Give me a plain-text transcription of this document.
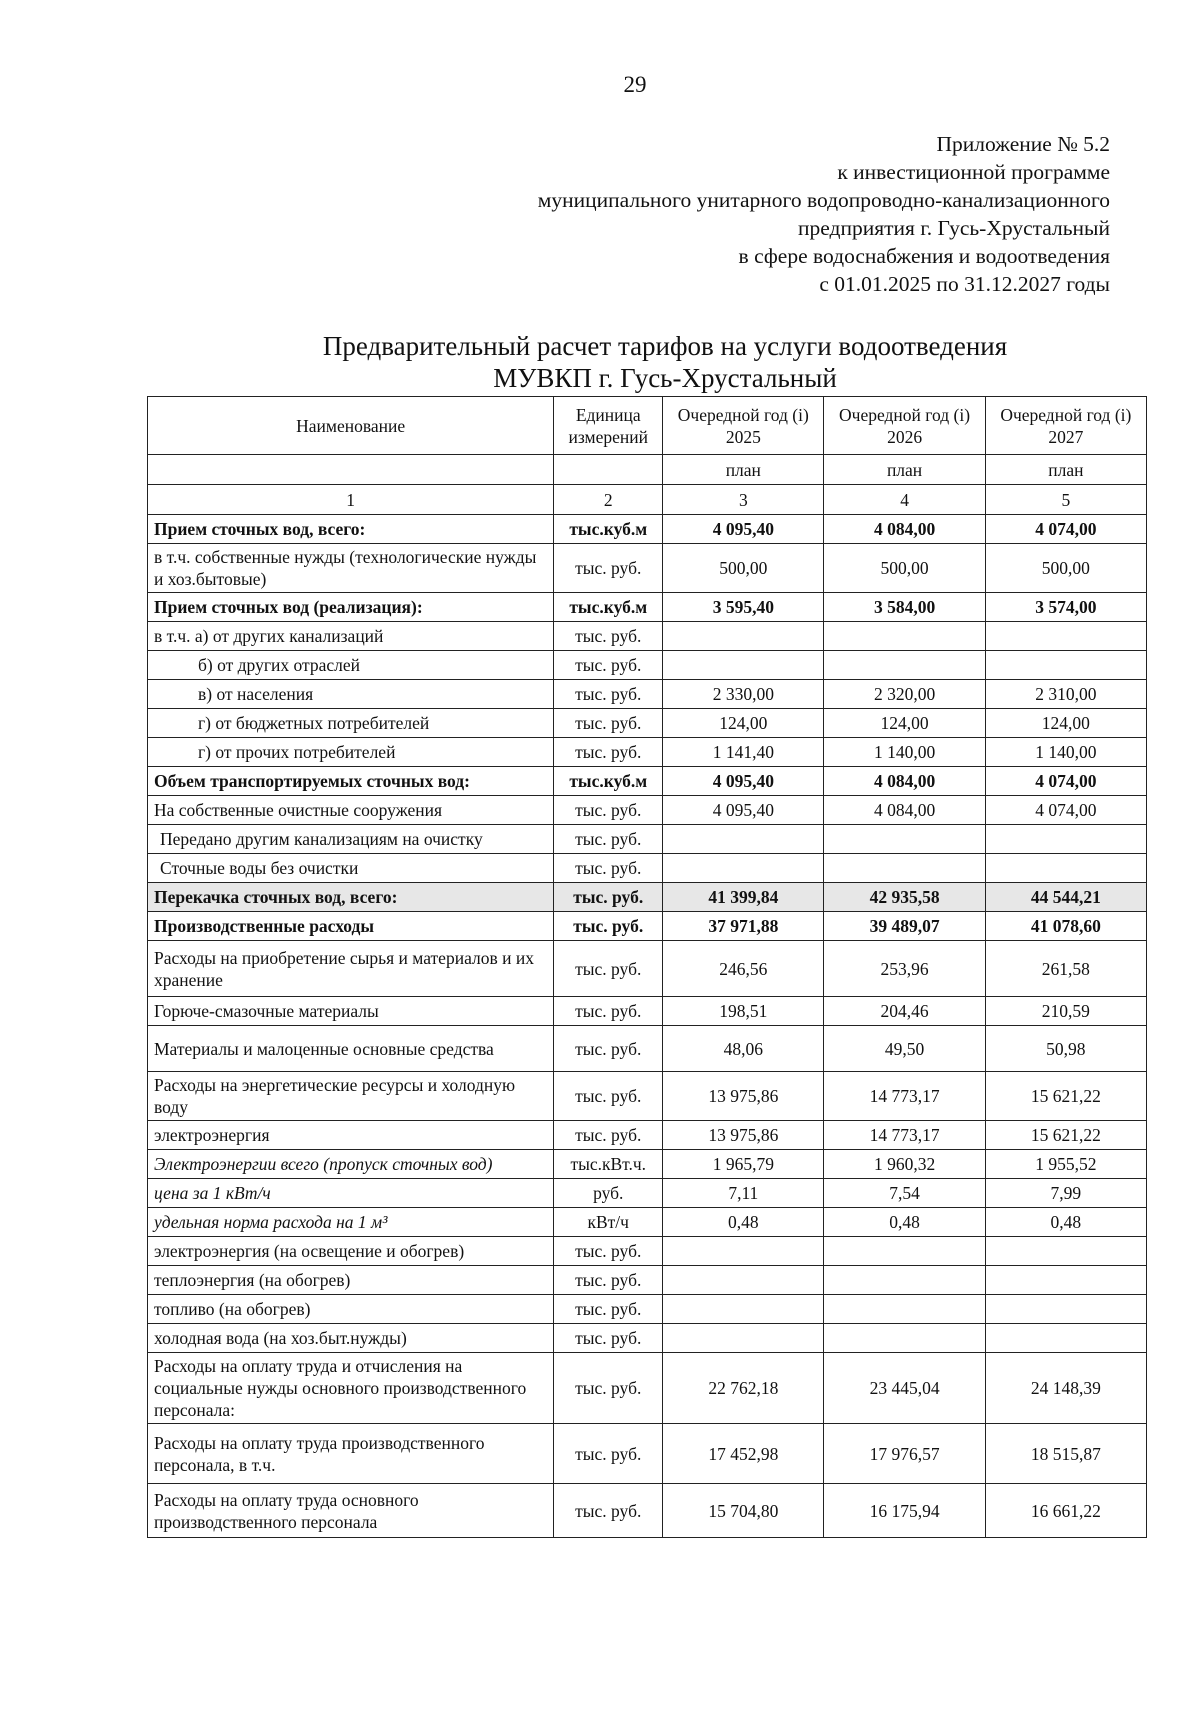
29
Приложение № 5.2
к инвестиционной программе
муниципального унитарного водопроводно-канализационного
предприятия г. Гусь-Хрустальный
в сфере водоснабжения и водоотведения
с 01.01.2025 по 31.12.2027 годы
Предварительный расчет тарифов на услуги водоотведения
МУВКП г. Гусь-Хрустальный
Наименование	Единица измерений	Очередной год (i) 2025	Очередной год (i) 2026	Очередной год (i) 2027
		план	план	план
1	2	3	4	5
Прием сточных вод, всего:	тыс.куб.м	4 095,40	4 084,00	4 074,00
в т.ч. собственные нужды (технологические нужды и хоз.бытовые)	тыс. руб.	500,00	500,00	500,00
Прием сточных вод (реализация):	тыс.куб.м	3 595,40	3 584,00	3 574,00
в т.ч. а) от других канализаций	тыс. руб.			
б) от других отраслей	тыс. руб.			
в) от населения	тыс. руб.	2 330,00	2 320,00	2 310,00
г) от бюджетных потребителей	тыс. руб.	124,00	124,00	124,00
г) от прочих потребителей	тыс. руб.	1 141,40	1 140,00	1 140,00
Объем транспортируемых сточных вод:	тыс.куб.м	4 095,40	4 084,00	4 074,00
На собственные очистные сооружения	тыс. руб.	4 095,40	4 084,00	4 074,00
Передано другим канализациям на очистку	тыс. руб.			
Сточные воды без очистки	тыс. руб.			
Перекачка сточных вод, всего:	тыс. руб.	41 399,84	42 935,58	44 544,21
Производственные расходы	тыс. руб.	37 971,88	39 489,07	41 078,60
Расходы на приобретение сырья и материалов и их хранение	тыс. руб.	246,56	253,96	261,58
Горюче-смазочные материалы	тыс. руб.	198,51	204,46	210,59
Материалы и малоценные основные средства	тыс. руб.	48,06	49,50	50,98
Расходы на энергетические ресурсы и холодную воду	тыс. руб.	13 975,86	14 773,17	15 621,22
электроэнергия	тыс. руб.	13 975,86	14 773,17	15 621,22
Электроэнергии всего (пропуск сточных вод)	тыс.кВт.ч.	1 965,79	1 960,32	1 955,52
цена за 1 кВт/ч	руб.	7,11	7,54	7,99
удельная норма расхода на 1 м³	кВт/ч	0,48	0,48	0,48
электроэнергия (на освещение и обогрев)	тыс. руб.			
теплоэнергия (на обогрев)	тыс. руб.			
топливо (на обогрев)	тыс. руб.			
холодная вода (на хоз.быт.нужды)	тыс. руб.			
Расходы на оплату труда и отчисления на социальные нужды основного производственного персонала:	тыс. руб.	22 762,18	23 445,04	24 148,39
Расходы на оплату труда производственного персонала, в т.ч.	тыс. руб.	17 452,98	17 976,57	18 515,87
Расходы на оплату труда основного производственного персонала	тыс. руб.	15 704,80	16 175,94	16 661,22
